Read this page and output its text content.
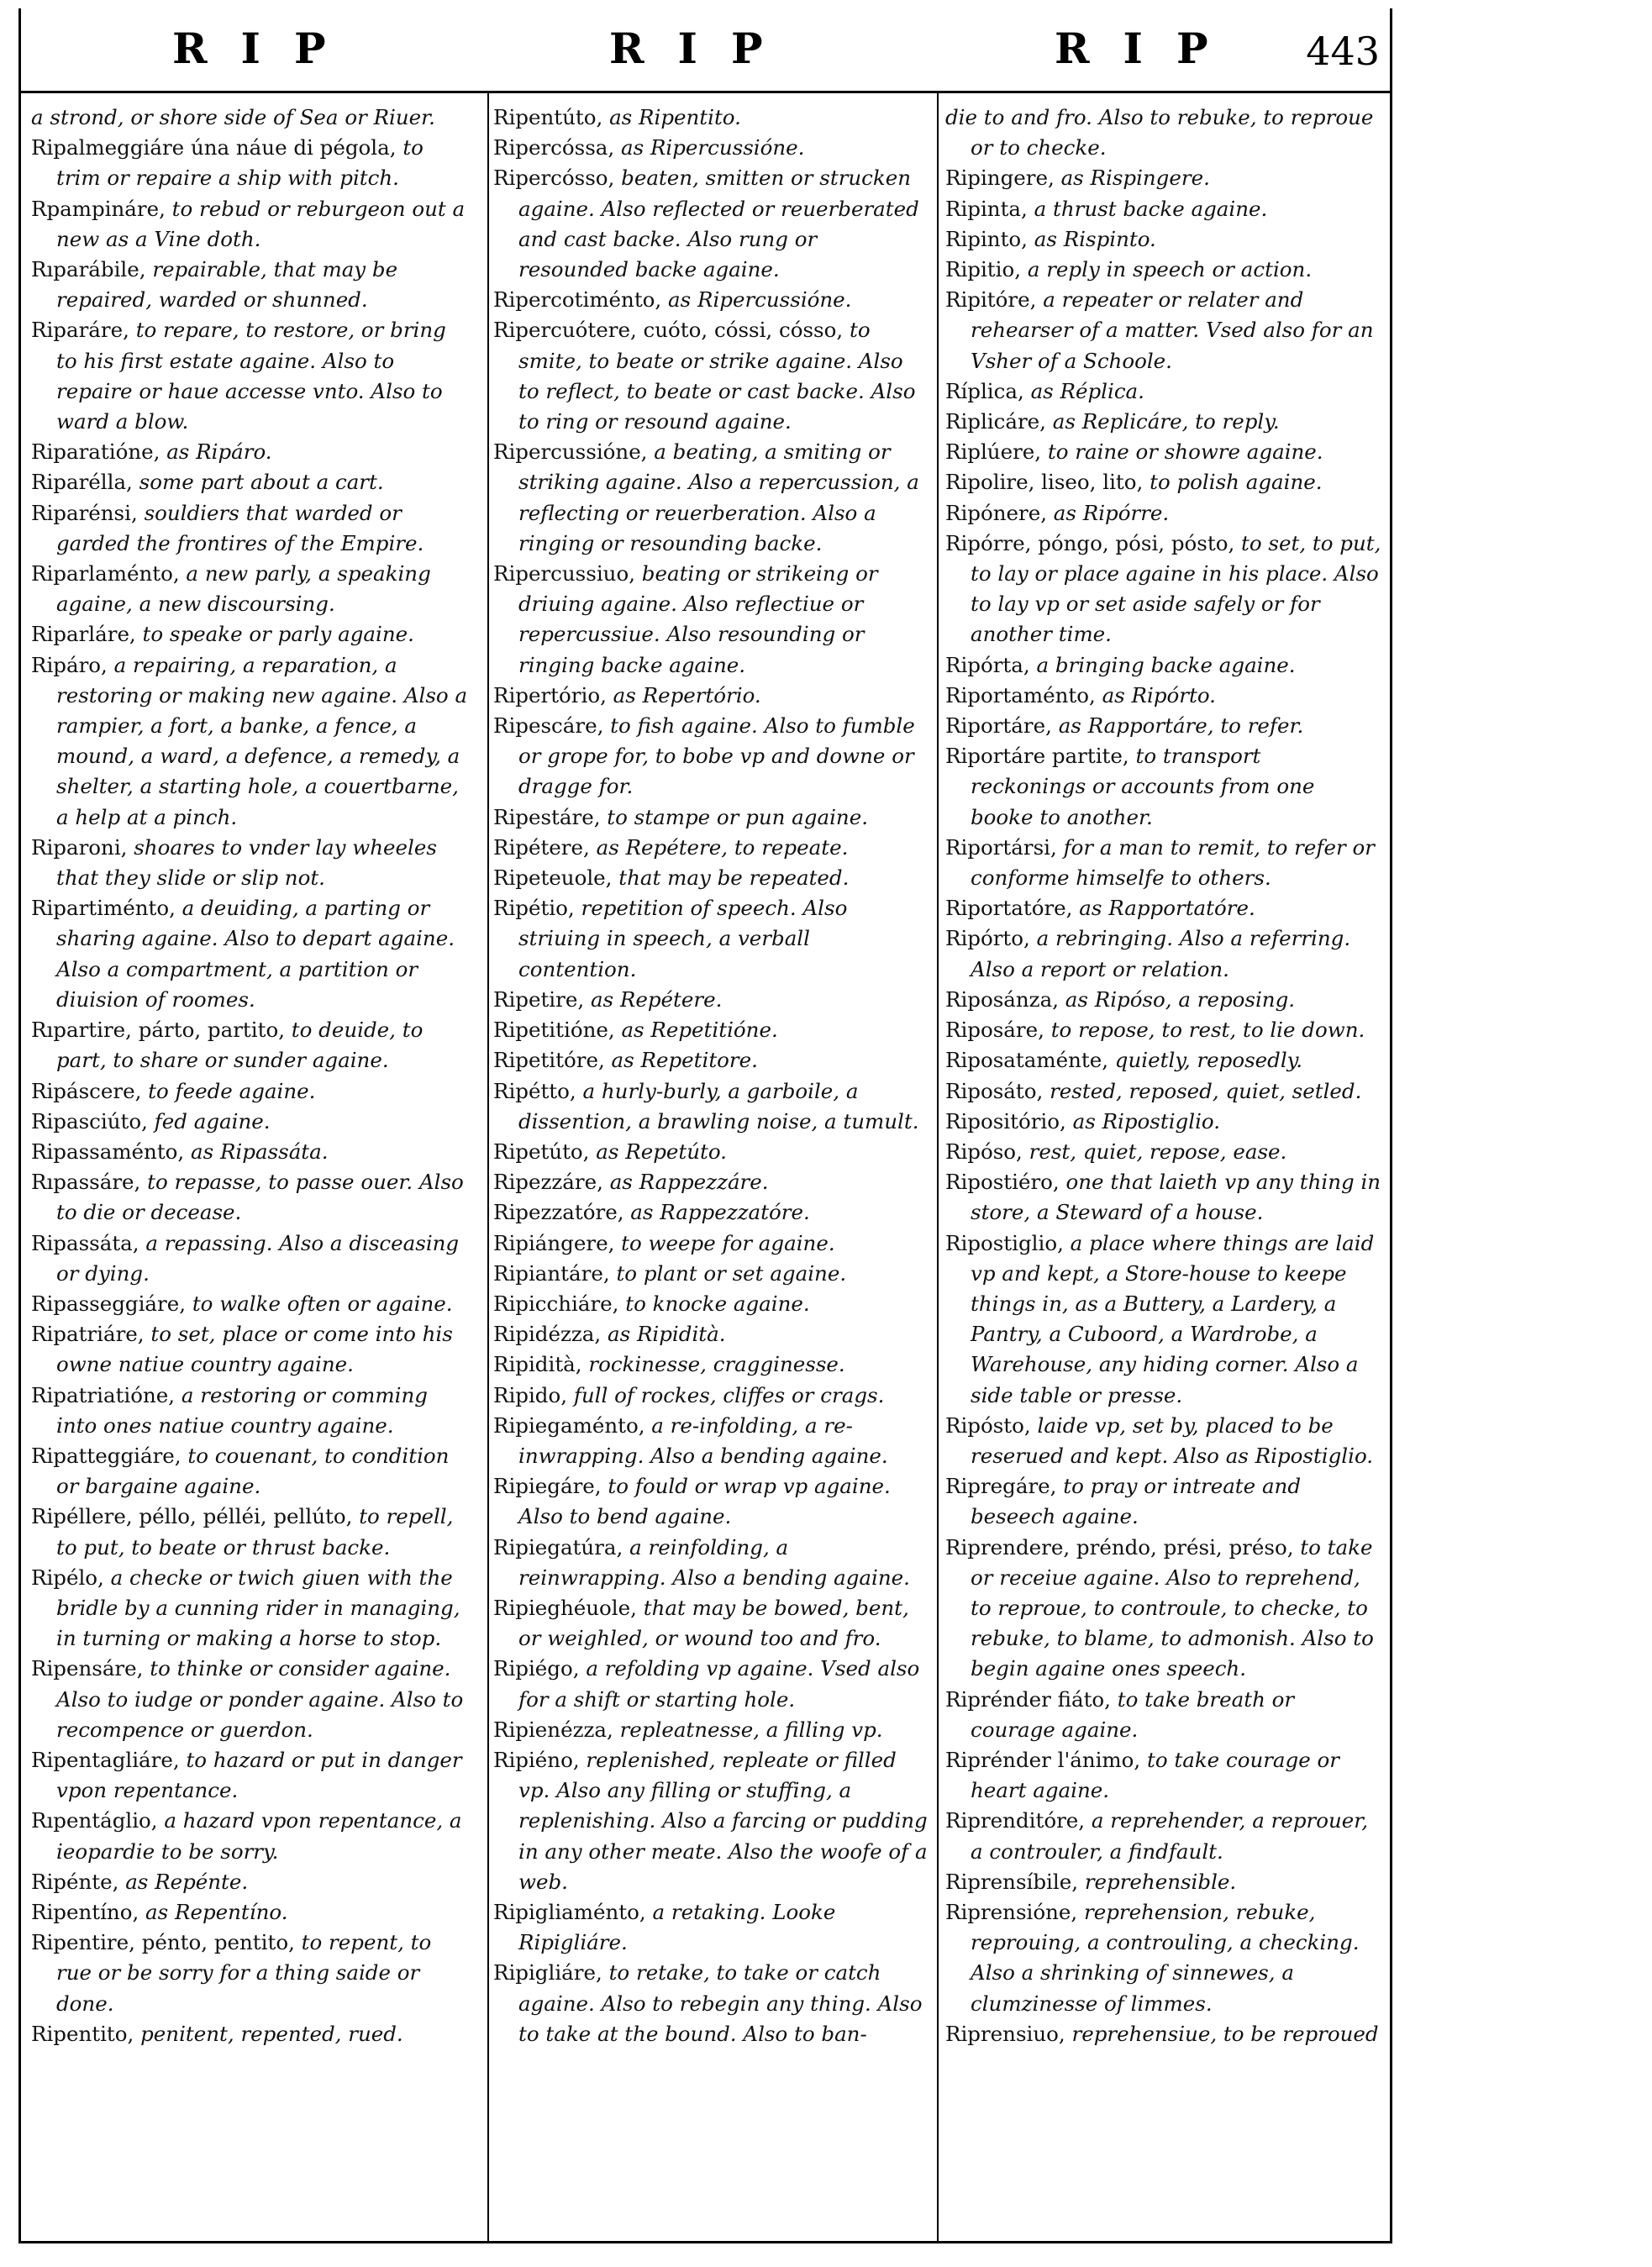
RIP	RIP	RIP 443
a strond, or shore side of Sea or Riuer.
Ripalmeggiáre úna náue di pégola, to trim or repaire a ship with pitch.
Rpampináre, to rebud or reburgeon out a new as a Vine doth.
Rıparábile, repairable, that may be repaired, warded or shunned.
Riparáre, to repare, to restore, or bring to his first estate againe. Also to repaire or haue accesse vnto. Also to ward a blow.
Riparatióne, as Ripáro.
Riparélla, some part about a cart.
Riparénsi, souldiers that warded or garded the frontires of the Empire.
Riparlaménto, a new parly, a speaking againe, a new discoursing.
Riparláre, to speake or parly againe.
Ripáro, a repairing, a reparation, a restoring or making new againe. Also a rampier, a fort, a banke, a fence, a mound, a ward, a defence, a remedy, a shelter, a starting hole, a couertbarne, a help at a pinch.
Riparoni, shoares to vnder lay wheeles that they slide or slip not.
Ripartiménto, a deuiding, a parting or sharing againe. Also to depart againe. Also a compartment, a partition or diuision of roomes.
Rıpartire, párto, partito, to deuide, to part, to share or sunder againe.
Ripáscere, to feede againe.
Ripasciúto, fed againe.
Ripassaménto, as Ripassáta.
Rıpassáre, to repasse, to passe ouer. Also to die or decease.
Ripassáta, a repassing. Also a disceasing or dying.
Ripasseggiáre, to walke often or againe.
Ripatriáre, to set, place or come into his owne natiue country againe.
Ripatriatióne, a restoring or comming into ones natiue country againe.
Ripatteggiáre, to couenant, to condition or bargaine againe.
Ripéllere, péllo, pélléi, pellúto, to repell, to put, to beate or thrust backe.
Ripélo, a checke or twich giuen with the bridle by a cunning rider in managing, in turning or making a horse to stop.
Ripensáre, to thinke or consider againe. Also to iudge or ponder againe. Also to recompence or guerdon.
Ripentagliáre, to hazard or put in danger vpon repentance.
Rıpentáglio, a hazard vpon repentance, a ieopardie to be sorry.
Ripénte, as Repénte.
Ripentíno, as Repentíno.
Ripentire, pénto, pentito, to repent, to rue or be sorry for a thing saide or done.
Ripentito, penitent, repented, rued.
Ripentúto, as Ripentito.
Ripercóssa, as Ripercussióne.
Ripercósso, beaten, smitten or strucken againe. Also reflected or reuerberated and cast backe. Also rung or resounded backe againe.
Ripercotiménto, as Ripercussióne.
Ripercuótere, cuóto, cóssi, cósso, to smite, to beate or strike againe. Also to reflect, to beate or cast backe. Also to ring or resound againe.
Ripercussióne, a beating, a smiting or striking againe. Also a repercussion, a reflecting or reuerberation. Also a ringing or resounding backe.
Ripercussiuo, beating or strikeing or driuing againe. Also reflectiue or repercussiue. Also resounding or ringing backe againe.
Ripertório, as Repertório.
Ripescáre, to fish againe. Also to fumble or grope for, to bobe vp and downe or dragge for.
Ripestáre, to stampe or pun againe.
Ripétere, as Repétere, to repeate.
Ripeteuole, that may be repeated.
Ripétio, repetition of speech. Also striuing in speech, a verball contention.
Ripetire, as Repétere.
Ripetitióne, as Repetitióne.
Ripetitóre, as Repetitore.
Ripétto, a hurly-burly, a garboile, a dissention, a brawling noise, a tumult.
Ripetúto, as Repetúto.
Ripezzáre, as Rappezzáre.
Ripezzatóre, as Rappezzatóre.
Ripiángere, to weepe for againe.
Ripiantáre, to plant or set againe.
Ripicchiáre, to knocke againe.
Ripidézza, as Ripidità.
Ripidità, rockinesse, cragginesse.
Ripido, full of rockes, cliffes or crags.
Ripiegaménto, a re-infolding, a re-inwrapping. Also a bending againe.
Ripiegáre, to fould or wrap vp againe. Also to bend againe.
Ripiegatúra, a reinfolding, a reinwrapping. Also a bending againe.
Ripieghéuole, that may be bowed, bent, or weighled, or wound too and fro.
Ripiégo, a refolding vp againe. Vsed also for a shift or starting hole.
Ripienézza, repleatnesse, a filling vp.
Ripiéno, replenished, repleate or filled vp. Also any filling or stuffing, a replenishing. Also a farcing or pudding in any other meate. Also the woofe of a web.
Ripigliaménto, a retaking. Looke Ripigliáre.
Ripigliáre, to retake, to take or catch againe. Also to rebegin any thing. Also to take at the bound. Also to ban-
die to and fro. Also to rebuke, to reproue or to checke.
Ripingere, as Rispingere.
Ripinta, a thrust backe againe.
Ripinto, as Rispinto.
Ripitio, a reply in speech or action.
Ripitóre, a repeater or relater and rehearser of a matter. Vsed also for an Vsher of a Schoole.
Ríplica, as Réplica.
Riplicáre, as Replicáre, to reply.
Riplúere, to raine or showre againe.
Ripolire, liseo, lito, to polish againe.
Ripónere, as Ripórre.
Ripórre, póngo, pósi, pósto, to set, to put, to lay or place againe in his place. Also to lay vp or set aside safely or for another time.
Ripórta, a bringing backe againe.
Riportaménto, as Ripórto.
Riportáre, as Rapportáre, to refer.
Riportáre partite, to transport reckonings or accounts from one booke to another.
Riportársi, for a man to remit, to refer or conforme himselfe to others.
Riportatóre, as Rapportatóre.
Ripórto, a rebringing. Also a referring. Also a report or relation.
Riposánza, as Ripóso, a reposing.
Riposáre, to repose, to rest, to lie down.
Riposataménte, quietly, reposedly.
Riposáto, rested, reposed, quiet, setled.
Ripositório, as Ripostiglio.
Ripóso, rest, quiet, repose, ease.
Ripostiéro, one that laieth vp any thing in store, a Steward of a house.
Ripostiglio, a place where things are laid vp and kept, a Store-house to keepe things in, as a Buttery, a Lardery, a Pantry, a Cuboord, a Wardrobe, a Warehouse, any hiding corner. Also a side table or presse.
Ripósto, laide vp, set by, placed to be reserued and kept. Also as Ripostiglio.
Ripregáre, to pray or intreate and beseech againe.
Riprendere, préndo, prési, préso, to take or receiue againe. Also to reprehend, to reproue, to controule, to checke, to rebuke, to blame, to admonish. Also to begin againe ones speech.
Riprénder fiáto, to take breath or courage againe.
Riprénder l'ánimo, to take courage or heart againe.
Riprenditóre, a reprehender, a reprouer, a controuler, a findfault.
Riprensíbile, reprehensible.
Riprensióne, reprehension, rebuke, reprouing, a controuling, a checking. Also a shrinking of sinnewes, a clumzinesse of limmes.
Riprensiuo, reprehensiue, to be reproued
